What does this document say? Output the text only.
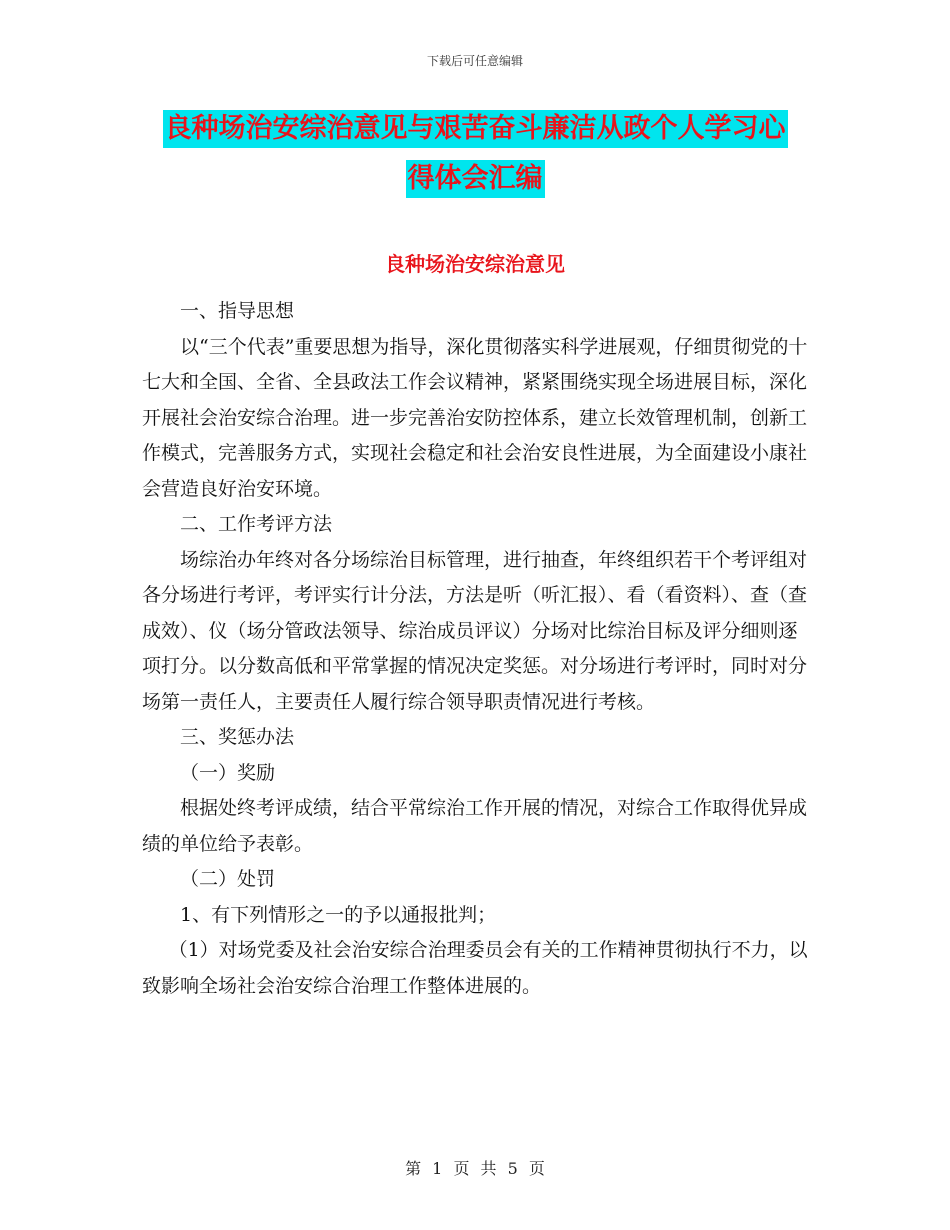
下载后可任意编辑
良种场治安综治意见与艰苦奋斗廉洁从政个人学习心
得体会汇编
良种场治安综治意见

一、指导思想

以“三个代表”重要思想为指导，深化贯彻落实科学进展观，仔细贯彻党的十七大和全国、全省、全县政法工作会议精神，紧紧围绕实现全场进展目标，深化开展社会治安综合治理。进一步完善治安防控体系，建立长效管理机制，创新工作模式，完善服务方式，实现社会稳定和社会治安良性进展，为全面建设小康社会营造良好治安环境。

二、工作考评方法

场综治办年终对各分场综治目标管理，进行抽查，年终组织若干个考评组对各分场进行考评，考评实行计分法，方法是听（听汇报）、看（看资料）、查（查成效）、仪（场分管政法领导、综治成员评议）分场对比综治目标及评分细则逐项打分。以分数高低和平常掌握的情况决定奖惩。对分场进行考评时，同时对分场第一责任人，主要责任人履行综合领导职责情况进行考核。

三、奖惩办法

（一）奖励

根据处终考评成绩，结合平常综治工作开展的情况，对综合工作取得优异成绩的单位给予表彰。

（二）处罚

1、有下列情形之一的予以通报批判；

（1）对场党委及社会治安综合治理委员会有关的工作精神贯彻执行不力，以致影响全场社会治安综合治理工作整体进展的。

第 1 页 共 5 页
